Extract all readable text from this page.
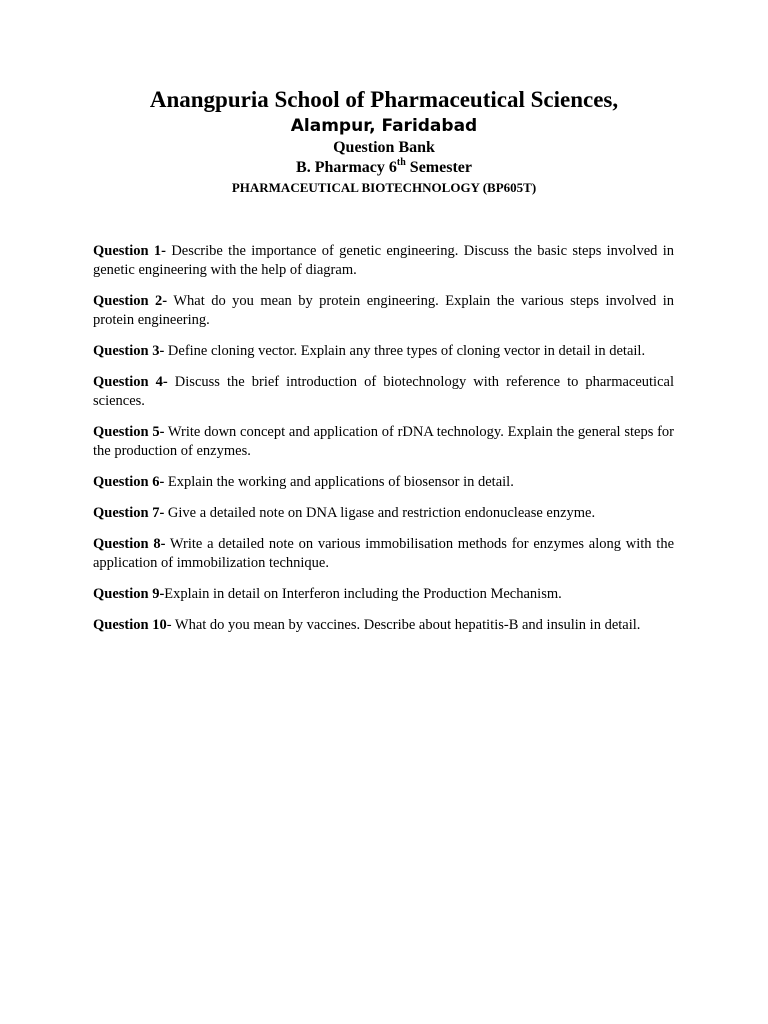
Anangpuria School of Pharmaceutical Sciences,

Alampur, Faridabad

Question Bank

B. Pharmacy 6th Semester

PHARMACEUTICAL BIOTECHNOLOGY (BP605T)

Question 1- Describe the importance of genetic engineering. Discuss the basic steps involved in genetic engineering with the help of diagram.

Question 2- What do you mean by protein engineering. Explain the various steps involved in protein engineering.

Question 3- Define cloning vector. Explain any three types of cloning vector in detail in detail.

Question 4- Discuss the brief introduction of biotechnology with reference to pharmaceutical sciences.

Question 5- Write down concept and application of rDNA technology. Explain the general steps for the production of enzymes.

Question 6- Explain the working and applications of biosensor in detail.

Question 7- Give a detailed note on DNA ligase and restriction endonuclease enzyme.

Question 8- Write a detailed note on various immobilisation methods for enzymes along with the application of immobilization technique.

Question 9-Explain in detail on Interferon including the Production Mechanism.

Question 10- What do you mean by vaccines. Describe about hepatitis-B and insulin in detail.
